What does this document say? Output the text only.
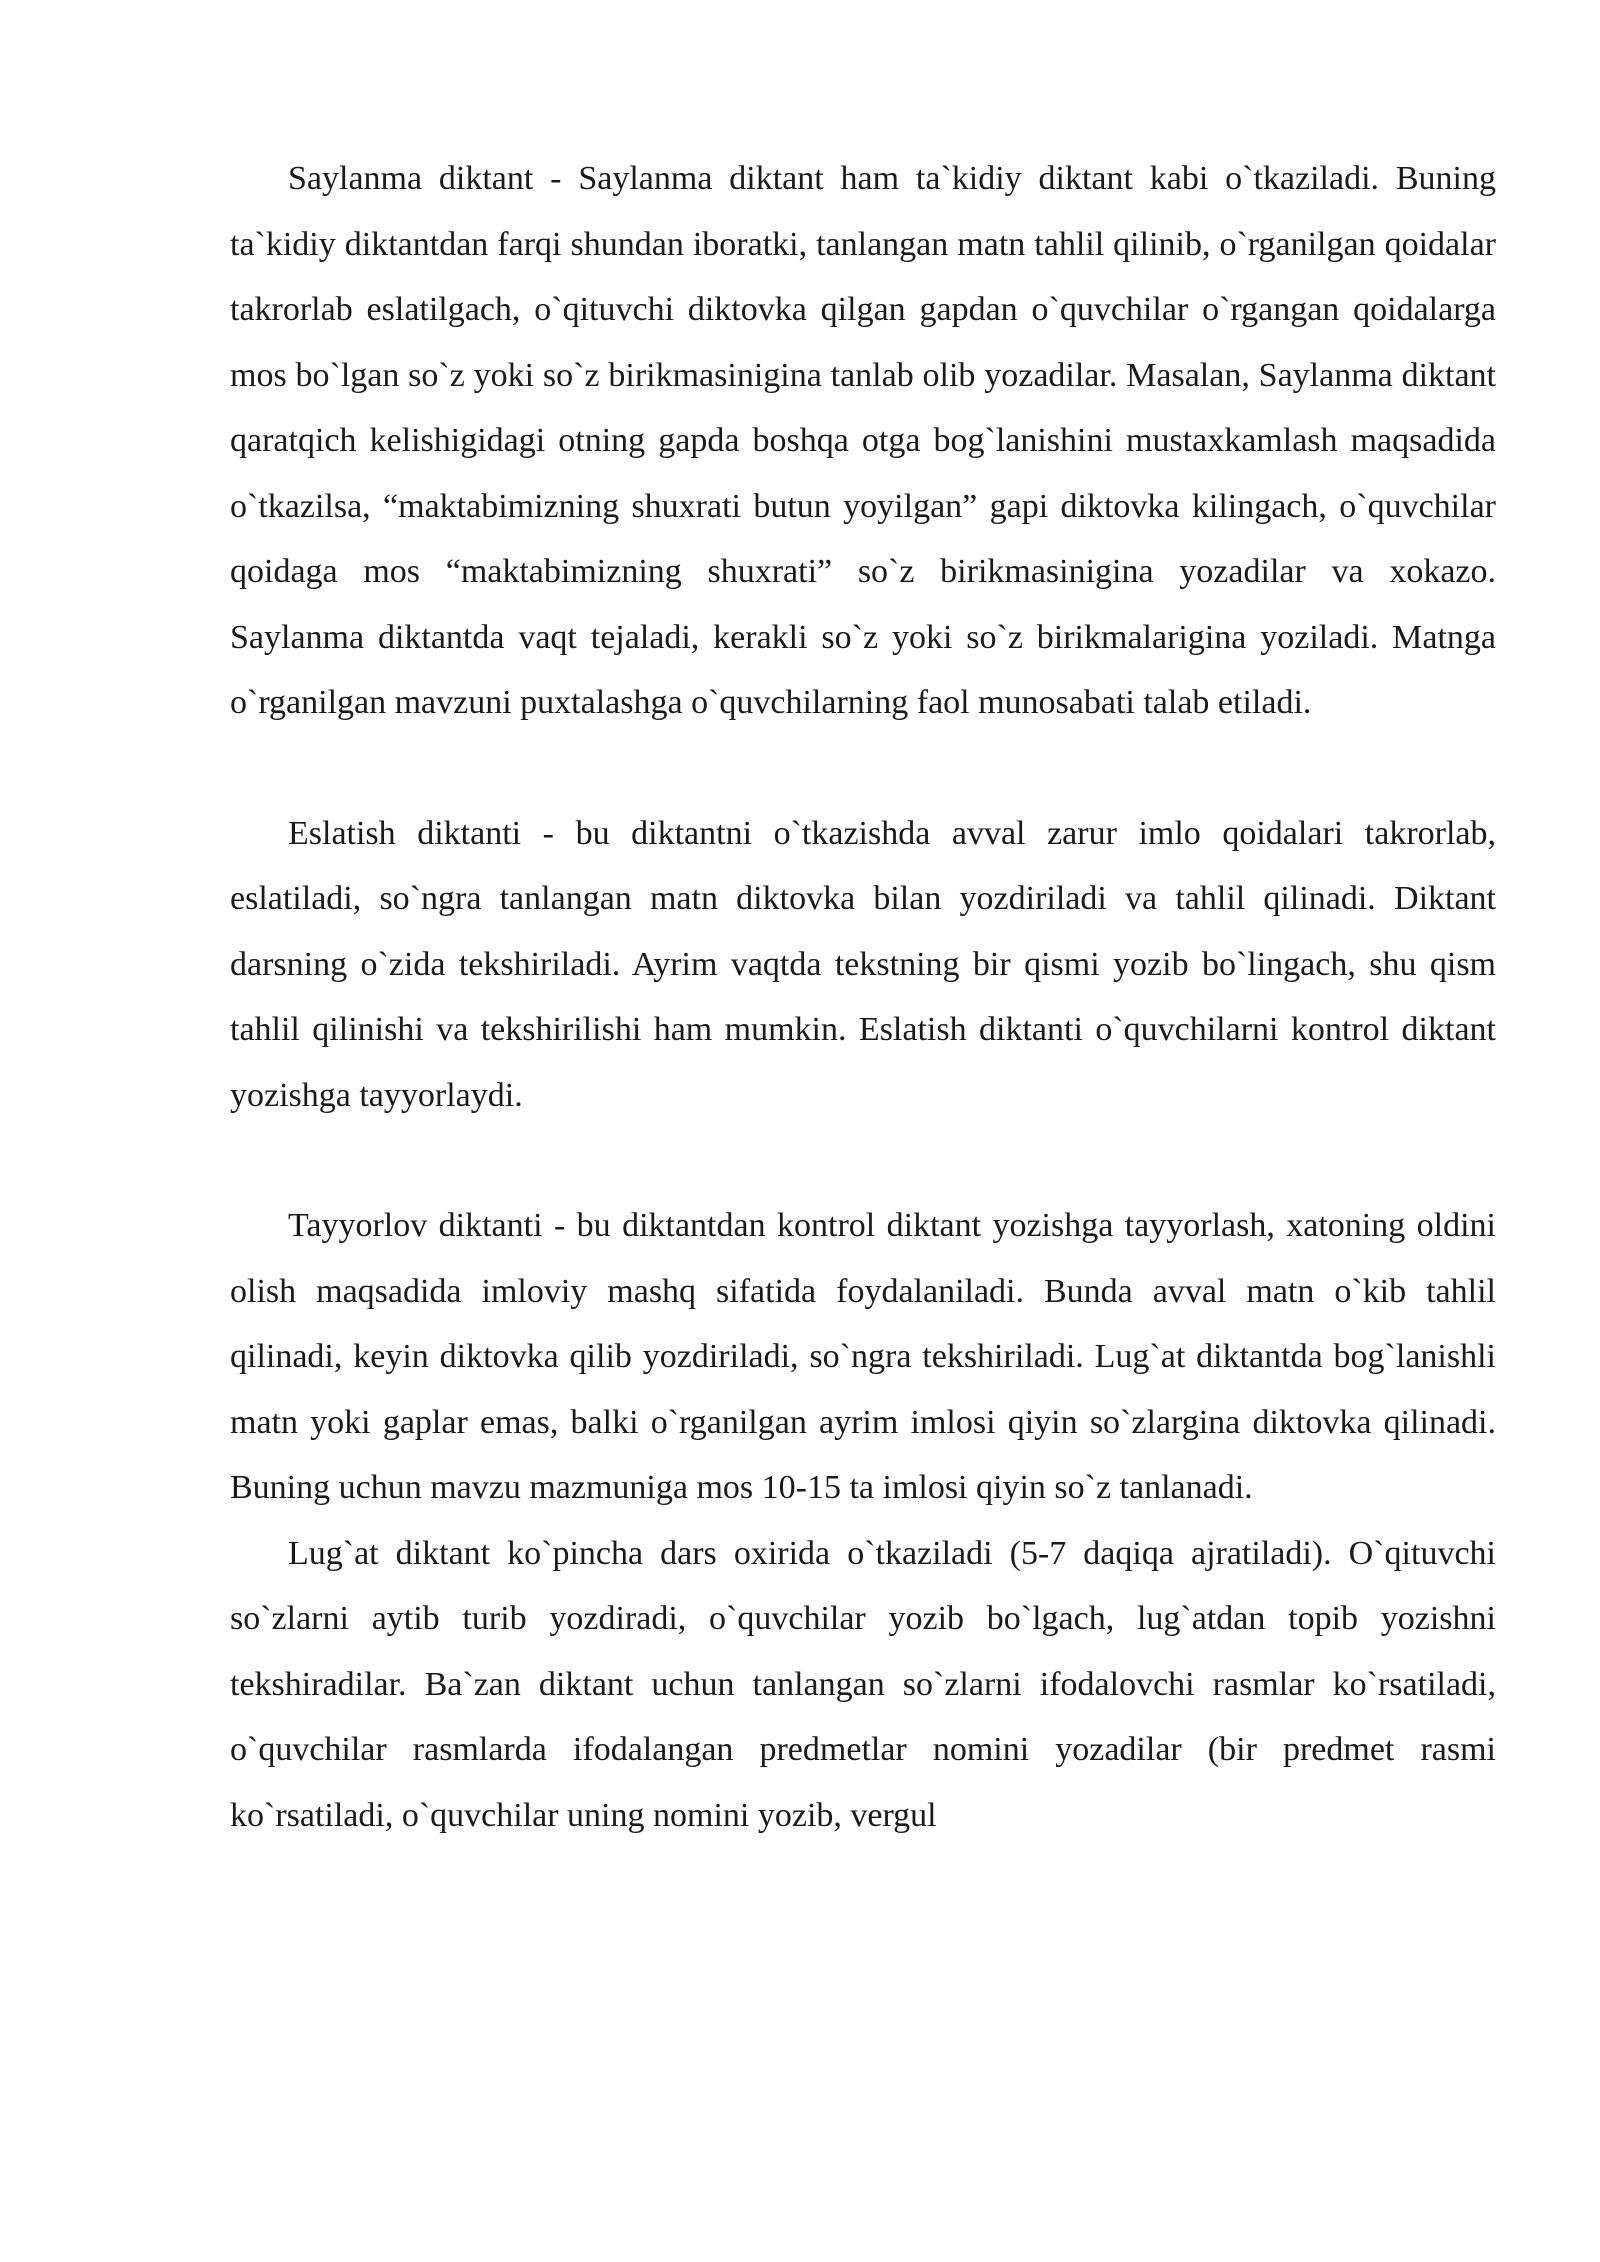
Saylanma diktant - Saylanma diktant ham ta`kidiy diktant kabi o`tkaziladi. Buning ta`kidiy diktantdan farqi shundan iboratki, tanlangan matn tahlil qilinib, o`rganilgan qoidalar takrorlab eslatilgach, o`qituvchi diktovka qilgan gapdan o`quvchilar o`rgangan qoidalarga mos bo`lgan so`z yoki so`z birikmasinigina tanlab olib yozadilar. Masalan, Saylanma diktant qaratqich kelishigidagi otning gapda boshqa otga bog`lanishini mustaxkamlash maqsadida o`tkazilsa, “maktabimizning shuxrati butun yoyilgan” gapi diktovka kilingach, o`quvchilar qoidaga mos “maktabimizning shuxrati” so`z birikmasinigina yozadilar va xokazo. Saylanma diktantda vaqt tejaladi, kerakli so`z yoki so`z birikmalarigina yoziladi. Matnga o`rganilgan mavzuni puxtalashga o`quvchilarning faol munosabati talab etiladi.

Eslatish diktanti - bu diktantni o`tkazishda avval zarur imlo qoidalari takrorlab, eslatiladi, so`ngra tanlangan matn diktovka bilan yozdiriladi va tahlil qilinadi. Diktant darsning o`zida tekshiriladi. Ayrim vaqtda tekstning bir qismi yozib bo`lingach, shu qism tahlil qilinishi va tekshirilishi ham mumkin. Eslatish diktanti o`quvchilarni kontrol diktant yozishga tayyorlaydi.

Tayyorlov diktanti - bu diktantdan kontrol diktant yozishga tayyorlash, xatoning oldini olish maqsadida imloviy mashq sifatida foydalaniladi. Bunda avval matn o`kib tahlil qilinadi, keyin diktovka qilib yozdiriladi, so`ngra tekshiriladi. Lug`at diktantda bog`lanishli matn yoki gaplar emas, balki o`rganilgan ayrim imlosi qiyin so`zlargina diktovka qilinadi. Buning uchun mavzu mazmuniga mos 10-15 ta imlosi qiyin so`z tanlanadi.

Lug`at diktant ko`pincha dars oxirida o`tkaziladi (5-7 daqiqa ajratiladi). O`qituvchi so`zlarni aytib turib yozdiradi, o`quvchilar yozib bo`lgach, lug`atdan topib yozishni tekshiradilar. Ba`zan diktant uchun tanlangan so`zlarni ifodalovchi rasmlar ko`rsatiladi, o`quvchilar rasmlarda ifodalangan predmetlar nomini yozadilar (bir predmet rasmi ko`rsatiladi, o`quvchilar uning nomini yozib, vergul
